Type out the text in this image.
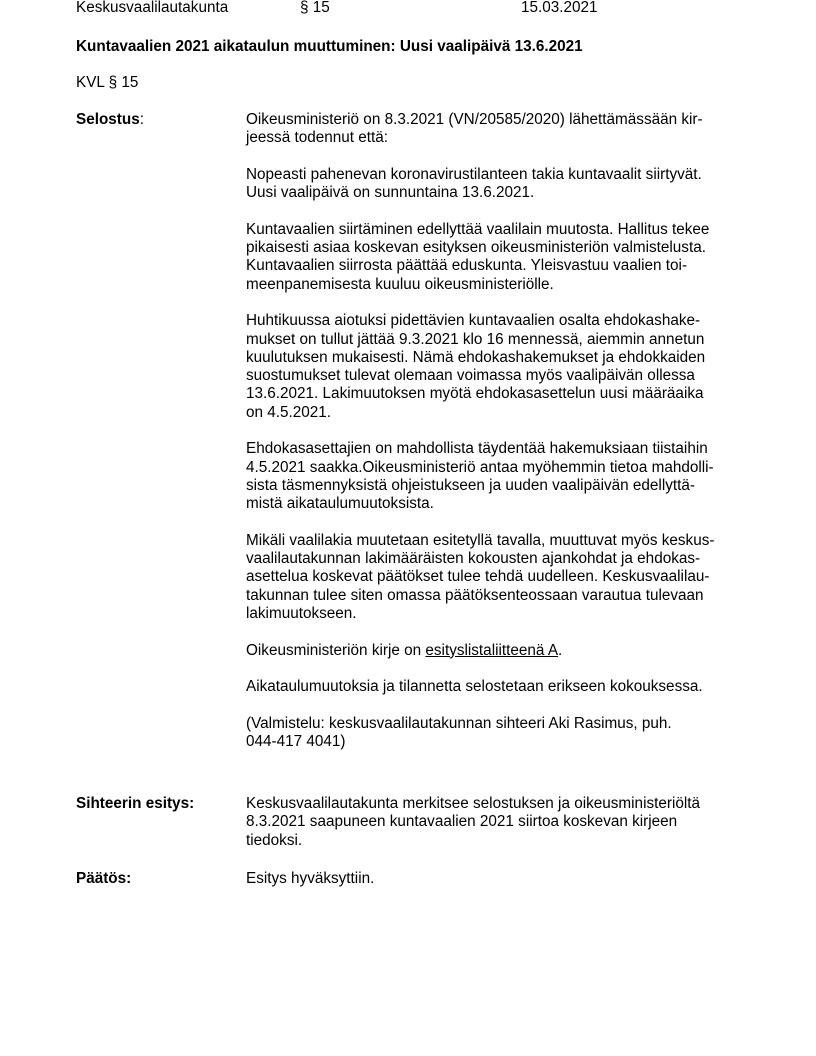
Keskusvaalilautakunta	§ 15	15.03.2021
Kuntavaalien 2021 aikataulun muuttuminen: Uusi vaalipäivä 13.6.2021
KVL § 15
Selostus:	Oikeusministeriö on 8.3.2021 (VN/20585/2020) lähettämässään kir-
jeessä todennut että:

Nopeasti pahenevan koronavirustilanteen takia kuntavaalit siirtyvät.
Uusi vaalipäivä on sunnuntaina 13.6.2021.

Kuntavaalien siirtäminen edellyttää vaalilain muutosta. Hallitus tekee
pikaisesti asiaa koskevan esityksen oikeusministeriön valmistelusta.
Kuntavaalien siirrosta päättää eduskunta. Yleisvastuu vaalien toi-
meenpanemisesta kuuluu oikeusministeriölle.

Huhtikuussa aiotuksi pidettävien kuntavaalien osalta ehdokashake-
mukset on tullut jättää 9.3.2021 klo 16 mennessä, aiemmin annetun
kuulutuksen mukaisesti. Nämä ehdokashakemukset ja ehdokkaiden
suostumukset tulevat olemaan voimassa myös vaalipäivän ollessa
13.6.2021. Lakimuutoksen myötä ehdokasasettelun uusi määräaika
on 4.5.2021.

Ehdokasasettajien on mahdollista täydentää hakemuksiaan tiistaihin
4.5.2021 saakka.Oikeusministeriö antaa myöhemmin tietoa mahdolli-
sista täsmennyksistä ohjeistukseen ja uuden vaalipäivän edellyttä-
mistä aikataulumuutoksista.

Mikäli vaalilakia muutetaan esitetyllä tavalla, muuttuvat myös keskus-
vaalilautakunnan lakimääräisten kokousten ajankohdat ja ehdokas-
asettelua koskevat päätökset tulee tehdä uudelleen. Keskusvaalilau-
takunnan tulee siten omassa päätöksenteossaan varautua tulevaan
lakimuutokseen.

Oikeusministeriön kirje on esityslistaliitteenä A.

Aikataulumuutoksia ja tilannetta selostetaan erikseen kokouksessa.

(Valmistelu: keskusvaalilautakunnan sihteeri Aki Rasimus, puh.
044-417 4041)

Sihteerin esitys:	Keskusvaalilautakunta merkitsee selostuksen ja oikeusministeriöltä
8.3.2021 saapuneen kuntavaalien 2021 siirtoa koskevan kirjeen
tiedoksi.

Päätös:	Esitys hyväksyttiin.
